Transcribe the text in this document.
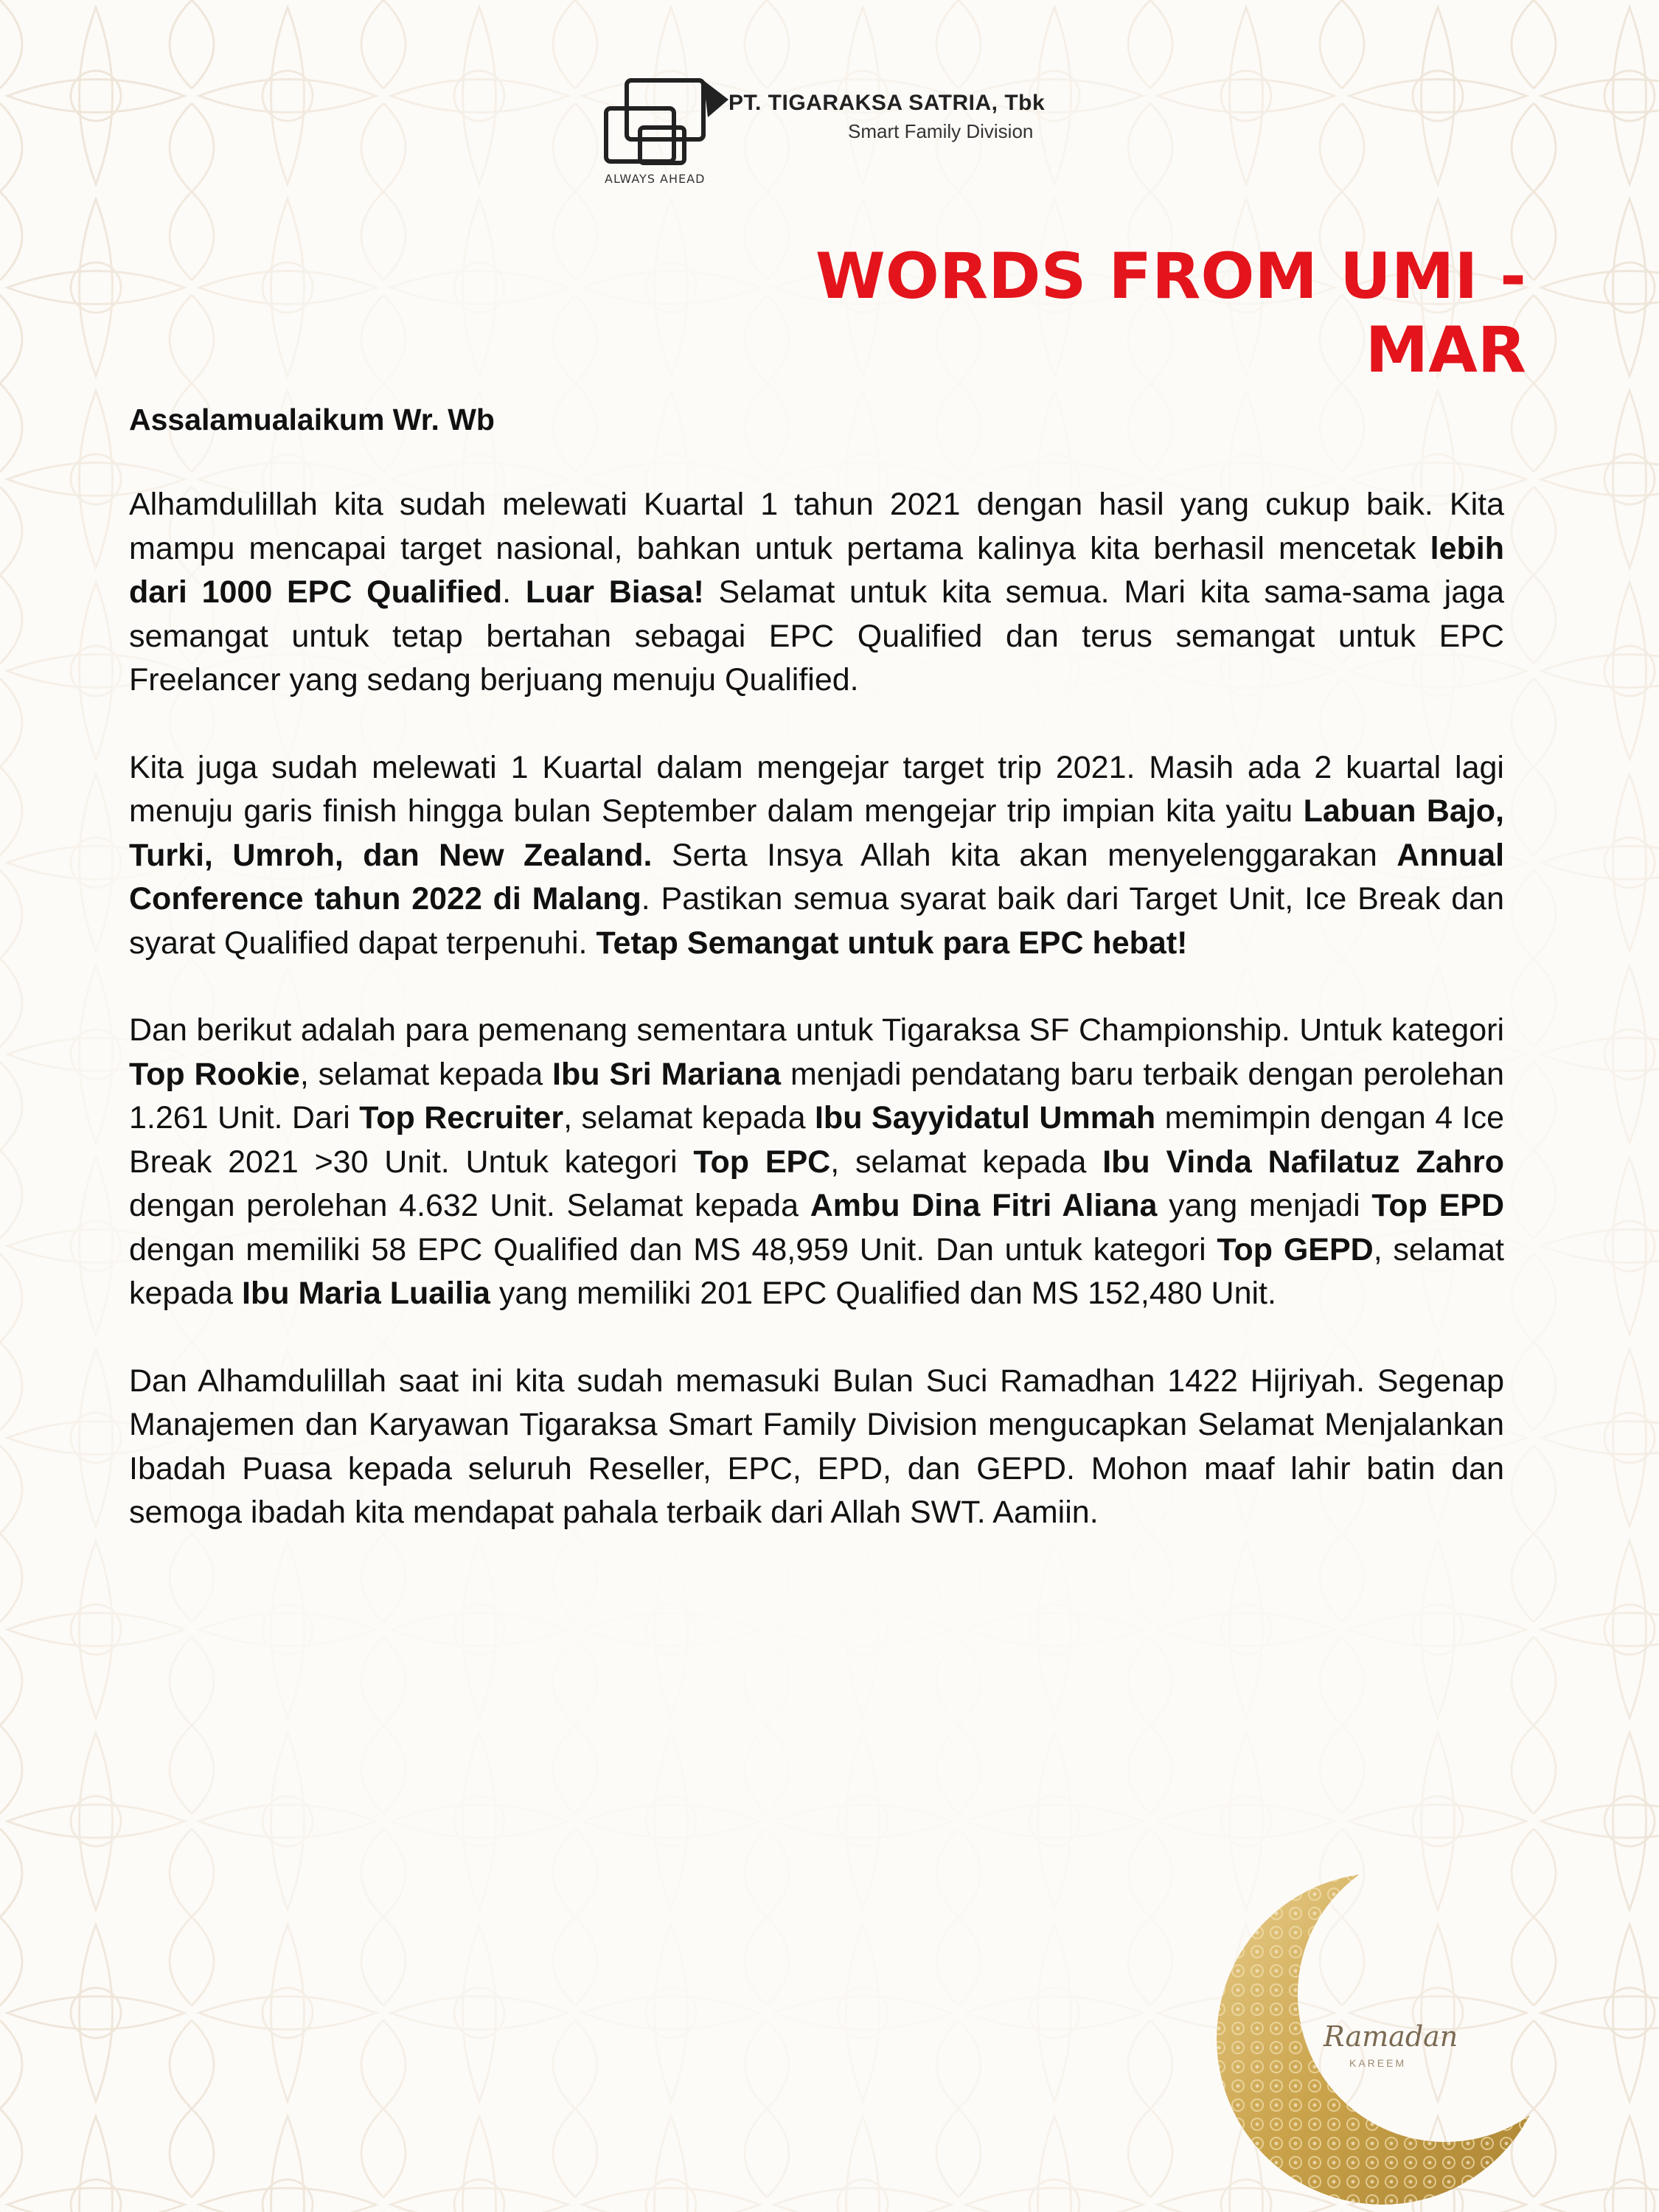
ALWAYS AHEAD
PT. TIGARAKSA SATRIA, Tbk
Smart Family Division
WORDS FROM UMI - MAR

Assalamualaikum Wr. Wb

Alhamdulillah kita sudah melewati Kuartal 1 tahun 2021 dengan hasil yang cukup baik. Kita mampu mencapai target nasional, bahkan untuk pertama kalinya kita berhasil mencetak lebih dari 1000 EPC Qualified. Luar Biasa! Selamat untuk kita semua. Mari kita sama-sama jaga semangat untuk tetap bertahan sebagai EPC Qualified dan terus semangat untuk EPC Freelancer yang sedang berjuang menuju Qualified.

Kita juga sudah melewati 1 Kuartal dalam mengejar target trip 2021. Masih ada 2 kuartal lagi menuju garis finish hingga bulan September dalam mengejar trip impian kita yaitu Labuan Bajo, Turki, Umroh, dan New Zealand. Serta Insya Allah kita akan menyelenggarakan Annual Conference tahun 2022 di Malang. Pastikan semua syarat baik dari Target Unit, Ice Break dan syarat Qualified dapat terpenuhi. Tetap Semangat untuk para EPC hebat!

Dan berikut adalah para pemenang sementara untuk Tigaraksa SF Championship. Untuk kategori Top Rookie, selamat kepada Ibu Sri Mariana menjadi pendatang baru terbaik dengan perolehan 1.261 Unit. Dari Top Recruiter, selamat kepada Ibu Sayyidatul Ummah memimpin dengan 4 Ice Break 2021 >30 Unit. Untuk kategori Top EPC, selamat kepada Ibu Vinda Nafilatuz Zahro dengan perolehan 4.632 Unit. Selamat kepada Ambu Dina Fitri Aliana yang menjadi Top EPD dengan memiliki 58 EPC Qualified dan MS 48,959 Unit. Dan untuk kategori Top GEPD, selamat kepada Ibu Maria Luailia yang memiliki 201 EPC Qualified dan MS 152,480 Unit.

Dan Alhamdulillah saat ini kita sudah memasuki Bulan Suci Ramadhan 1422 Hijriyah. Segenap Manajemen dan Karyawan Tigaraksa Smart Family Division mengucapkan Selamat Menjalankan Ibadah Puasa kepada seluruh Reseller, EPC, EPD, dan GEPD. Mohon maaf lahir batin dan semoga ibadah kita mendapat pahala terbaik dari Allah SWT. Aamiin.

Ramadan
KAREEM
